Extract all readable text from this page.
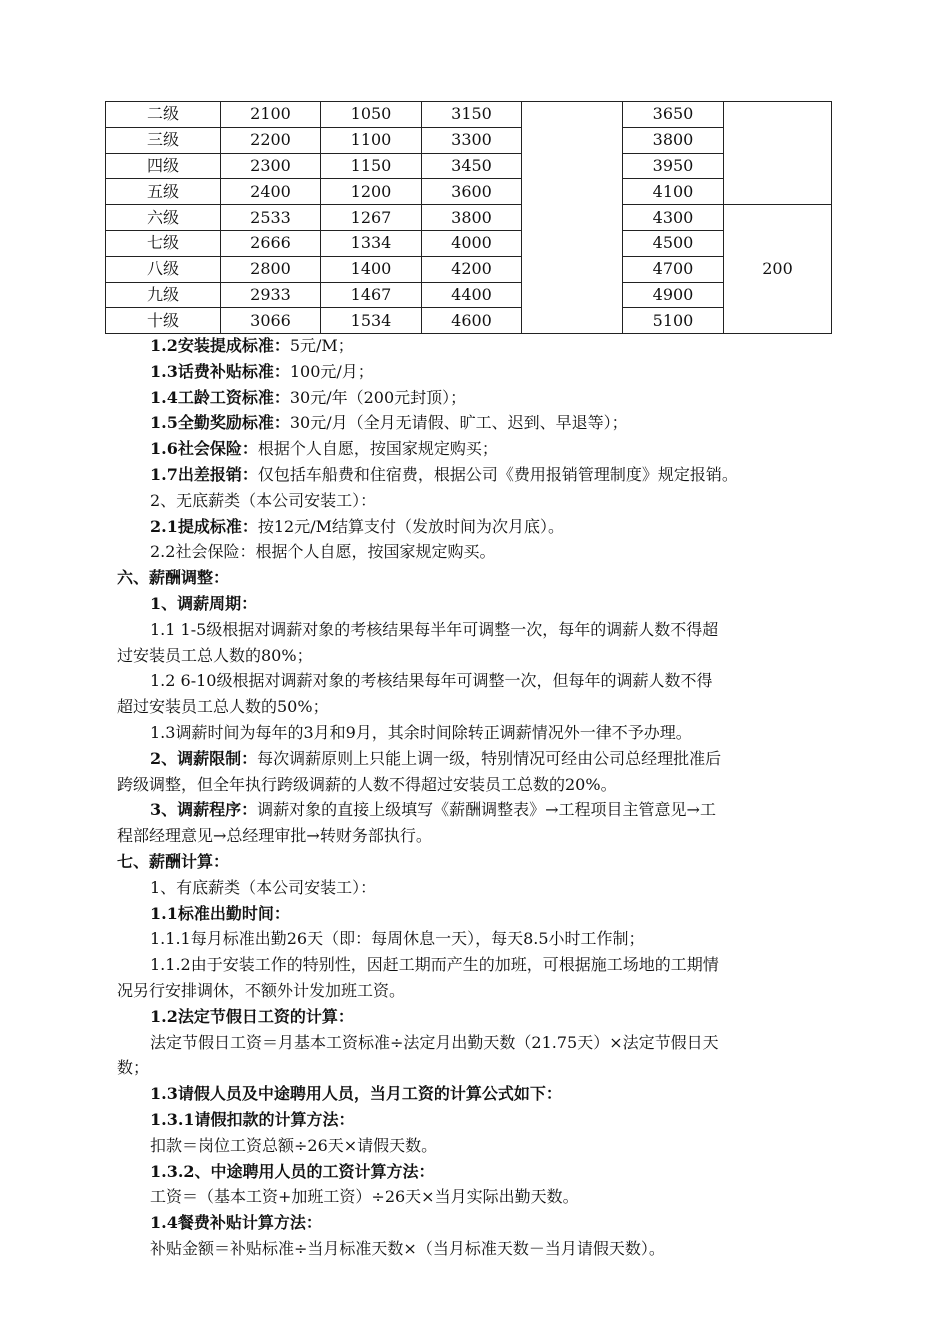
二级	2100	1050	3150		3650	
三级	2200	1100	3300		3800	
四级	2300	1150	3450		3950	
五级	2400	1200	3600		4100	
六级	2533	1267	3800		4300	200
七级	2666	1334	4000		4500	
八级	2800	1400	4200		4700	
九级	2933	1467	4400		4900	
十级	3066	1534	4600		5100	
1.2安装提成标准：5元/M；
1.3话费补贴标准：100元/月；
1.4工龄工资标准：30元/年（200元封顶）；
1.5全勤奖励标准：30元/月（全月无请假、旷工、迟到、早退等）；
1.6社会保险：根据个人自愿，按国家规定购买；
1.7出差报销：仅包括车船费和住宿费，根据公司《费用报销管理制度》规定报销。
2、无底薪类（本公司安装工）：
2.1提成标准：按12元/M结算支付（发放时间为次月底）。
2.2社会保险：根据个人自愿，按国家规定购买。
六、薪酬调整：
1、调薪周期：
1.1 1-5级根据对调薪对象的考核结果每半年可调整一次，每年的调薪人数不得超
过安装员工总人数的80%；
1.2 6-10级根据对调薪对象的考核结果每年可调整一次，但每年的调薪人数不得
超过安装员工总人数的50%；
1.3调薪时间为每年的3月和9月，其余时间除转正调薪情况外一律不予办理。
2、调薪限制：每次调薪原则上只能上调一级，特别情况可经由公司总经理批准后
跨级调整，但全年执行跨级调薪的人数不得超过安装员工总数的20%。
3、调薪程序：调薪对象的直接上级填写《薪酬调整表》→工程项目主管意见→工
程部经理意见→总经理审批→转财务部执行。
七、薪酬计算：
1、有底薪类（本公司安装工）：
1.1标准出勤时间：
1.1.1每月标准出勤26天（即：每周休息一天），每天8.5小时工作制；
1.1.2由于安装工作的特别性，因赶工期而产生的加班，可根据施工场地的工期情
况另行安排调休，不额外计发加班工资。
1.2法定节假日工资的计算：
法定节假日工资＝月基本工资标准÷法定月出勤天数（21.75天）×法定节假日天
数；
1.3请假人员及中途聘用人员，当月工资的计算公式如下：
1.3.1请假扣款的计算方法：
扣款＝岗位工资总额÷26天×请假天数。
1.3.2、中途聘用人员的工资计算方法：
工资＝（基本工资+加班工资）÷26天×当月实际出勤天数。
1.4餐费补贴计算方法：
补贴金额＝补贴标准÷当月标准天数×（当月标准天数－当月请假天数）。
